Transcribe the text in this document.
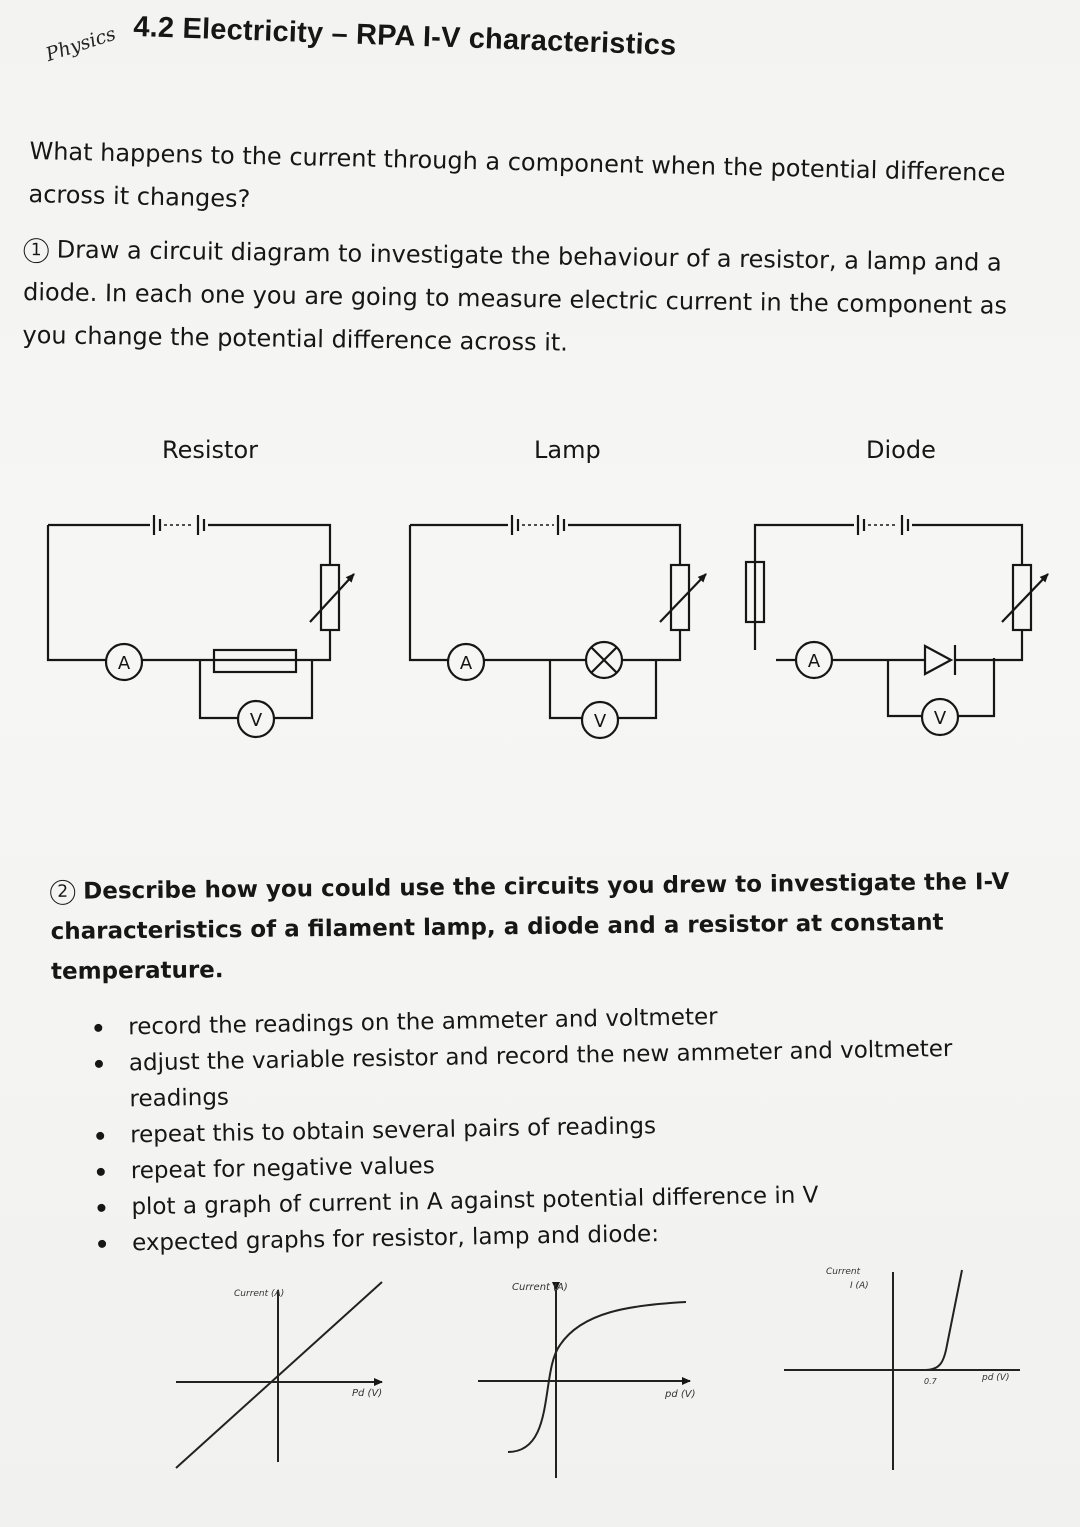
Physics 4.2 Electricity – RPA I-V characteristics
What happens to the current through a component when the potential difference across it changes?
1 Draw a circuit diagram to investigate the behaviour of a resistor, a lamp and a diode. In each one you are going to measure electric current in the component as you change the potential difference across it.
Resistor	Lamp	Diode
A
V
A
V
A
V
Current (A)
Pd (V)
Current (A)
pd (V)
Current
I (A)
0.7	pd (V)
2 Describe how you could use the circuits you drew to investigate the I-V characteristics of a filament lamp, a diode and a resistor at constant temperature.
record the readings on the ammeter and voltmeter
adjust the variable resistor and record the new ammeter and voltmeter readings
repeat this to obtain several pairs of readings
repeat for negative values
plot a graph of current in A against potential difference in V
expected graphs for resistor, lamp and diode:
